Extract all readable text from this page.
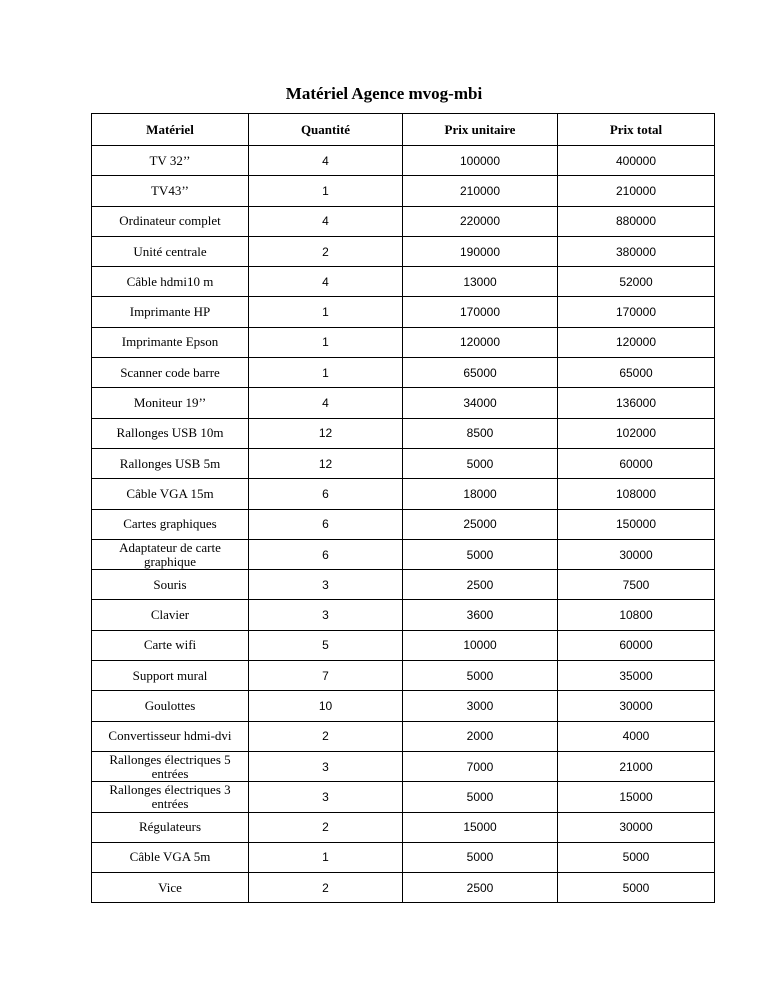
Matériel Agence mvog-mbi
Matériel	Quantité	Prix unitaire	Prix total
TV 32’’	4	100000	400000
TV43’’	1	210000	210000
Ordinateur complet	4	220000	880000
Unité centrale	2	190000	380000
Câble hdmi10 m	4	13000	52000
Imprimante HP	1	170000	170000
Imprimante Epson	1	120000	120000
Scanner code barre	1	65000	65000
Moniteur 19’’	4	34000	136000
Rallonges USB 10m	12	8500	102000
Rallonges USB 5m	12	5000	60000
Câble VGA 15m	6	18000	108000
Cartes graphiques	6	25000	150000
Adaptateur de carte graphique	6	5000	30000
Souris	3	2500	7500
Clavier	3	3600	10800
Carte wifi	5	10000	60000
Support mural	7	5000	35000
Goulottes	10	3000	30000
Convertisseur hdmi-dvi	2	2000	4000
Rallonges électriques 5 entrées	3	7000	21000
Rallonges électriques 3 entrées	3	5000	15000
Régulateurs	2	15000	30000
Câble VGA 5m	1	5000	5000
Vice	2	2500	5000
